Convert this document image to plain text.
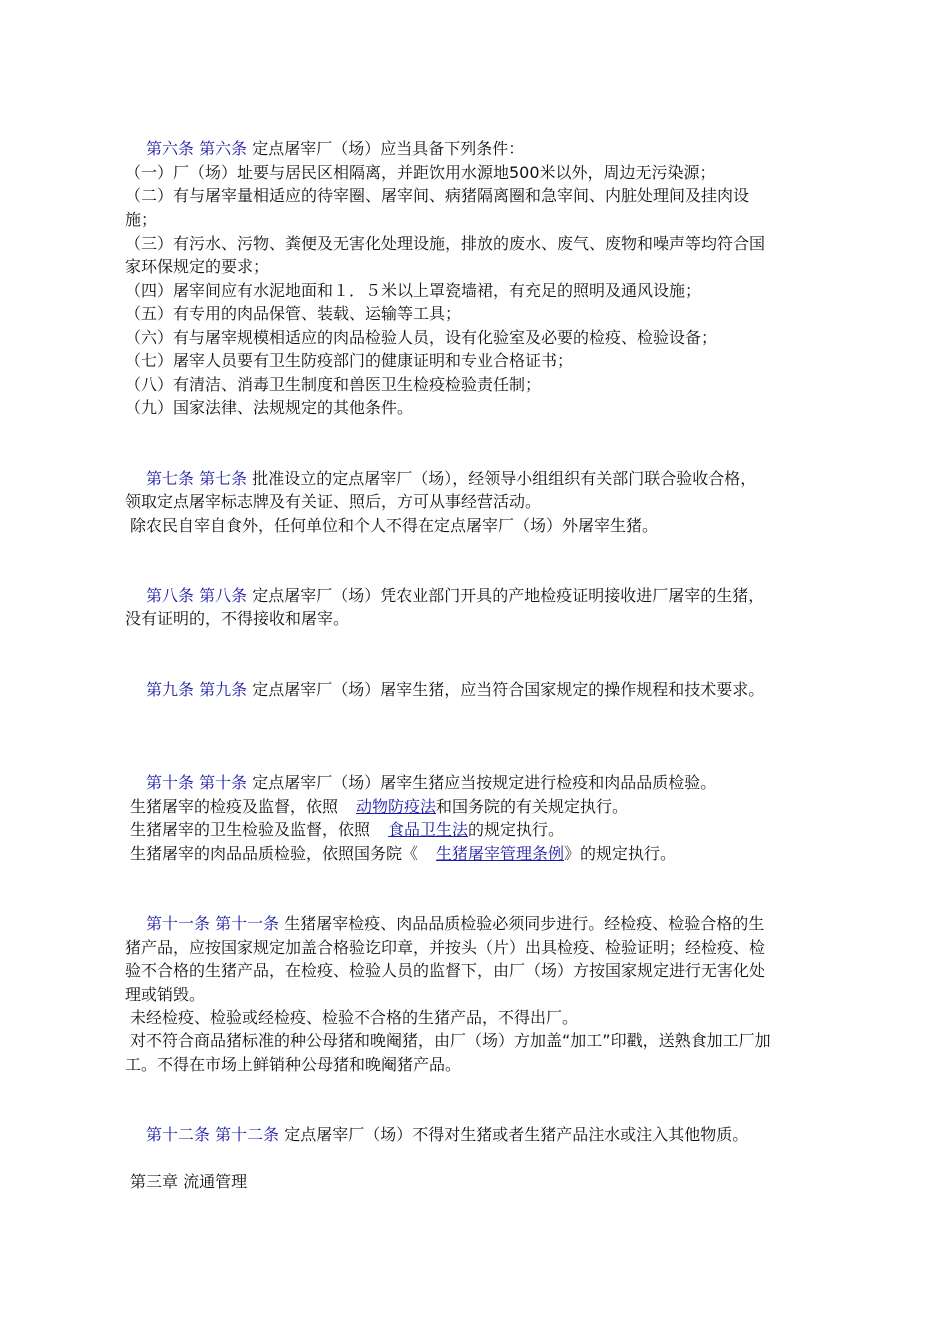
第六条 第六条 定点屠宰厂（场）应当具备下列条件：

（一）厂（场）址要与居民区相隔离，并距饮用水源地500米以外，周边无污染源；

（二）有与屠宰量相适应的待宰圈、屠宰间、病猪隔离圈和急宰间、内脏处理间及挂肉设

施；

（三）有污水、污物、粪便及无害化处理设施，排放的废水、废气、废物和噪声等均符合国

家环保规定的要求；

（四）屠宰间应有水泥地面和１．５米以上罩瓷墙裙，有充足的照明及通风设施；

（五）有专用的肉品保管、装载、运输等工具；

（六）有与屠宰规模相适应的肉品检验人员，设有化验室及必要的检疫、检验设备；

（七）屠宰人员要有卫生防疫部门的健康证明和专业合格证书；

（八）有清洁、消毒卫生制度和兽医卫生检疫检验责任制；

（九）国家法律、法规规定的其他条件。

第七条 第七条 批准设立的定点屠宰厂（场），经领导小组组织有关部门联合验收合格，

领取定点屠宰标志牌及有关证、照后，方可从事经营活动。

除农民自宰自食外，任何单位和个人不得在定点屠宰厂（场）外屠宰生猪。

第八条 第八条 定点屠宰厂（场）凭农业部门开具的产地检疫证明接收进厂屠宰的生猪，

没有证明的，不得接收和屠宰。

第九条 第九条 定点屠宰厂（场）屠宰生猪，应当符合国家规定的操作规程和技术要求。

第十条 第十条 定点屠宰厂（场）屠宰生猪应当按规定进行检疫和肉品品质检验。

生猪屠宰的检疫及监督，依照 动物防疫法和国务院的有关规定执行。

生猪屠宰的卫生检验及监督，依照 食品卫生法的规定执行。

生猪屠宰的肉品品质检验，依照国务院《 生猪屠宰管理条例》的规定执行。

第十一条 第十一条 生猪屠宰检疫、肉品品质检验必须同步进行。经检疫、检验合格的生

猪产品，应按国家规定加盖合格验讫印章，并按头（片）出具检疫、检验证明；经检疫、检

验不合格的生猪产品，在检疫、检验人员的监督下，由厂（场）方按国家规定进行无害化处

理或销毁。

未经检疫、检验或经检疫、检验不合格的生猪产品，不得出厂。

对不符合商品猪标准的种公母猪和晚阉猪，由厂（场）方加盖“加工”印戳，送熟食加工厂加

工。不得在市场上鲜销种公母猪和晚阉猪产品。

第十二条 第十二条 定点屠宰厂（场）不得对生猪或者生猪产品注水或注入其他物质。

第三章 流通管理
